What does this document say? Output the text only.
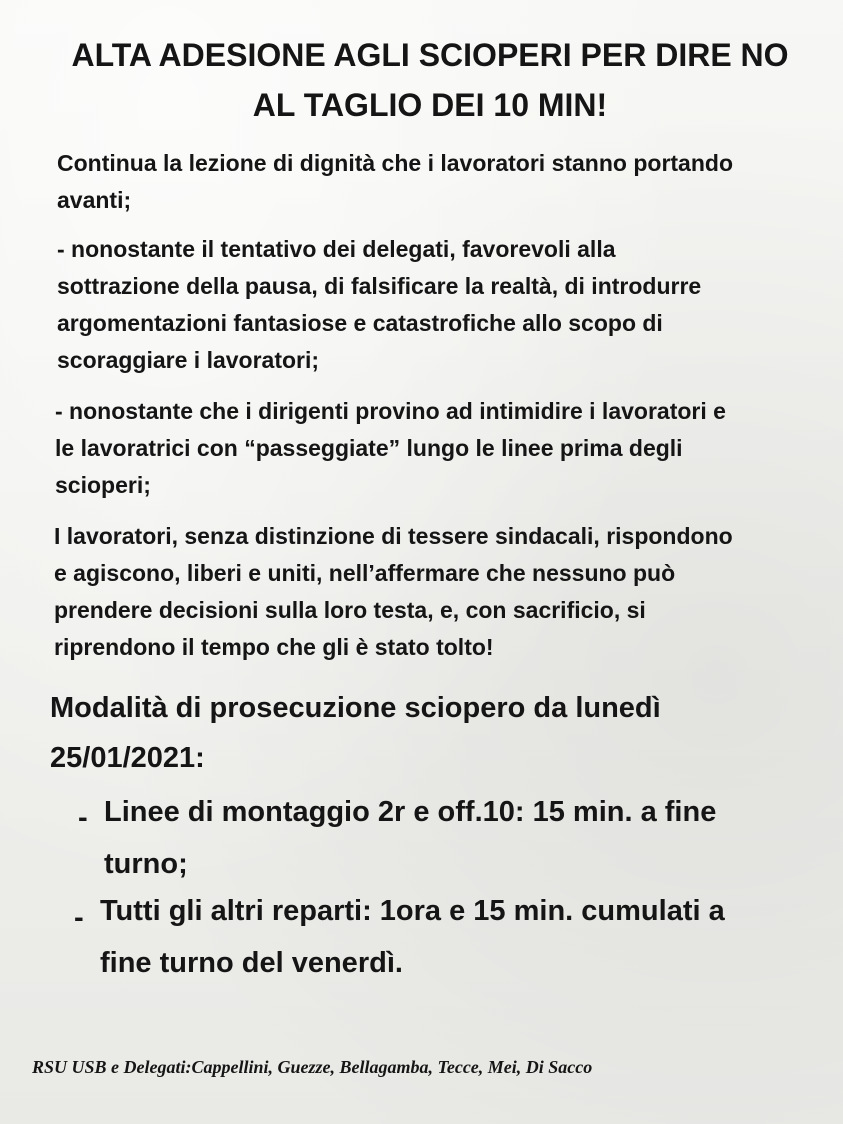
ALTA ADESIONE AGLI SCIOPERI PER DIRE NO
AL TAGLIO DEI 10 MIN!
Continua la lezione di dignità che i lavoratori stanno portando
avanti;
- nonostante il tentativo dei delegati, favorevoli alla
sottrazione della pausa, di falsificare la realtà, di introdurre
argomentazioni fantasiose e catastrofiche allo scopo di
scoraggiare i lavoratori;
- nonostante che i dirigenti provino ad intimidire i lavoratori e
le lavoratrici con “passeggiate” lungo le linee prima degli
scioperi;
I lavoratori, senza distinzione di tessere sindacali, rispondono
e agiscono, liberi e uniti, nell’affermare che nessuno può
prendere decisioni sulla loro testa, e, con sacrificio, si
riprendono il tempo che gli è stato tolto!
Modalità di prosecuzione sciopero da lunedì
25/01/2021:
- Linee di montaggio 2r e off.10: 15 min. a fine
turno;
- Tutti gli altri reparti: 1ora e 15 min. cumulati a
fine turno del venerdì.
RSU USB e Delegati:Cappellini, Guezze, Bellagamba, Tecce, Mei, Di Sacco
